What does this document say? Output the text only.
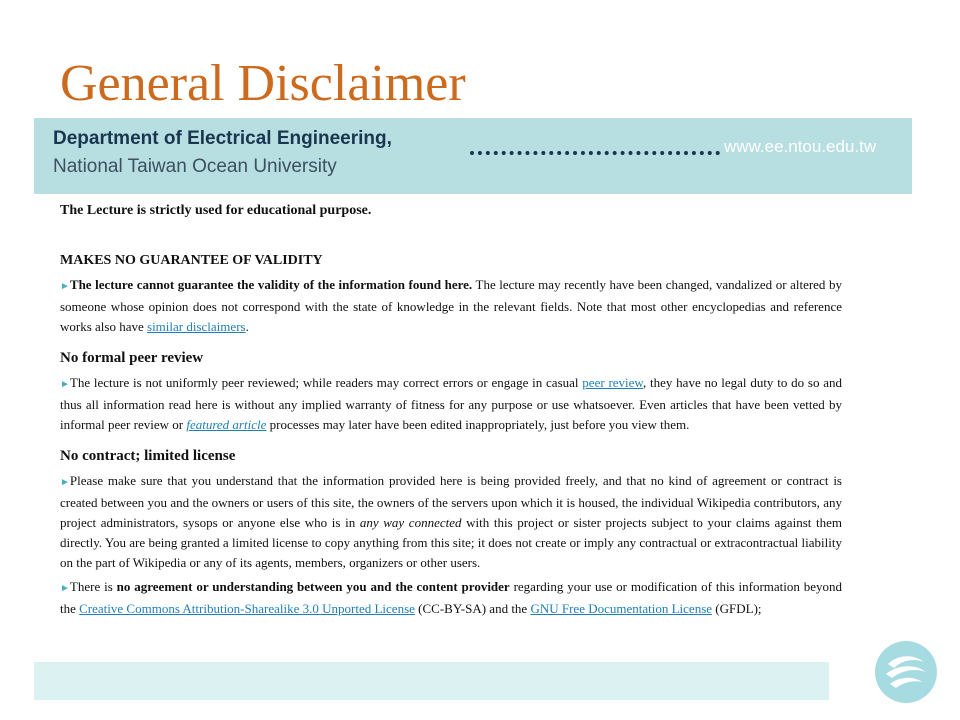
General Disclaimer
Department of Electrical Engineering,	www.ee.ntou.edu.tw
National Taiwan Ocean University

The Lecture is strictly used for educational purpose.

MAKES NO GUARANTEE OF VALIDITY

►The lecture cannot guarantee the validity of the information found here. The lecture may recently have been changed, vandalized or altered by someone whose opinion does not correspond with the state of knowledge in the relevant fields. Note that most other encyclopedias and reference works also have similar disclaimers.

No formal peer review

►The lecture is not uniformly peer reviewed; while readers may correct errors or engage in casual peer review, they have no legal duty to do so and thus all information read here is without any implied warranty of fitness for any purpose or use whatsoever. Even articles that have been vetted by informal peer review or featured article processes may later have been edited inappropriately, just before you view them.

No contract; limited license

►Please make sure that you understand that the information provided here is being provided freely, and that no kind of agreement or contract is created between you and the owners or users of this site, the owners of the servers upon which it is housed, the individual Wikipedia contributors, any project administrators, sysops or anyone else who is in any way connected with this project or sister projects subject to your claims against them directly. You are being granted a limited license to copy anything from this site; it does not create or imply any contractual or extracontractual liability on the part of Wikipedia or any of its agents, members, organizers or other users.

►There is no agreement or understanding between you and the content provider regarding your use or modification of this information beyond the Creative Commons Attribution-Sharealike 3.0 Unported License (CC-BY-SA) and the GNU Free Documentation License (GFDL);
